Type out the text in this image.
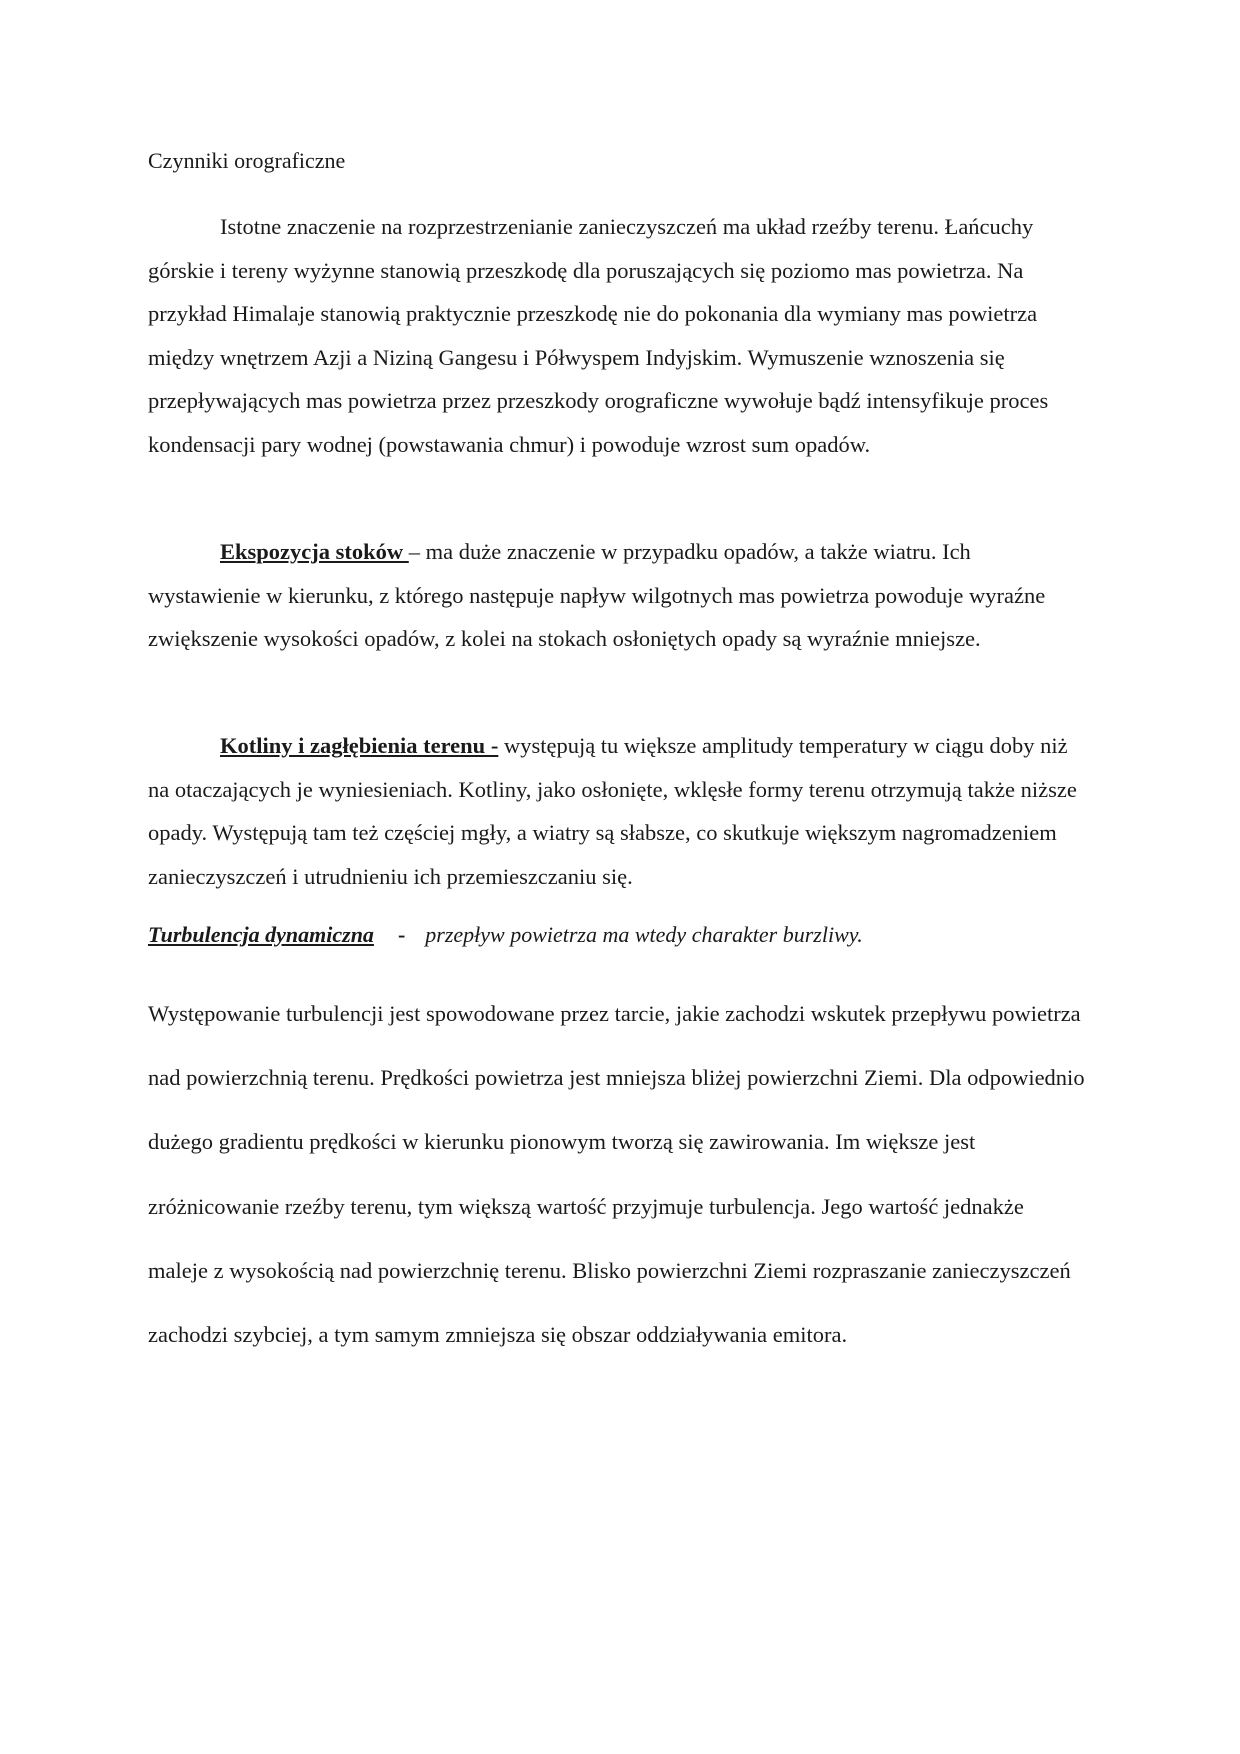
Czynniki orograficzne

Istotne znaczenie na rozprzestrzenianie zanieczyszczeń ma układ rzeźby terenu. Łańcuchy górskie i tereny wyżynne stanowią przeszkodę dla poruszających się poziomo mas powietrza. Na przykład Himalaje stanowią praktycznie przeszkodę nie do pokonania dla wymiany mas powietrza między wnętrzem Azji a Niziną Gangesu i Półwyspem Indyjskim. Wymuszenie wznoszenia się przepływających mas powietrza przez przeszkody orograficzne wywołuje bądź intensyfikuje proces kondensacji pary wodnej (powstawania chmur) i powoduje wzrost sum opadów.

Ekspozycja stoków – ma duże znaczenie w przypadku opadów, a także wiatru. Ich wystawienie w kierunku, z którego następuje napływ wilgotnych mas powietrza powoduje wyraźne zwiększenie wysokości opadów, z kolei na stokach osłoniętych opady są wyraźnie mniejsze.

Kotliny i zagłębienia terenu - występują tu większe amplitudy temperatury w ciągu doby niż na otaczających je wyniesieniach. Kotliny, jako osłonięte, wklęsłe formy terenu otrzymują także niższe opady. Występują tam też częściej mgły, a wiatry są słabsze, co skutkuje większym nagromadzeniem zanieczyszczeń i utrudnieniu ich przemieszczaniu się.

Turbulencja dynamiczna - przepływ powietrza ma wtedy charakter burzliwy.

Występowanie turbulencji jest spowodowane przez tarcie, jakie zachodzi wskutek przepływu powietrza nad powierzchnią terenu. Prędkości powietrza jest mniejsza bliżej powierzchni Ziemi. Dla odpowiednio dużego gradientu prędkości w kierunku pionowym tworzą się zawirowania. Im większe jest zróżnicowanie rzeźby terenu, tym większą wartość przyjmuje turbulencja. Jego wartość jednakże maleje z wysokością nad powierzchnię terenu. Blisko powierzchni Ziemi rozpraszanie zanieczyszczeń zachodzi szybciej, a tym samym zmniejsza się obszar oddziaływania emitora.
